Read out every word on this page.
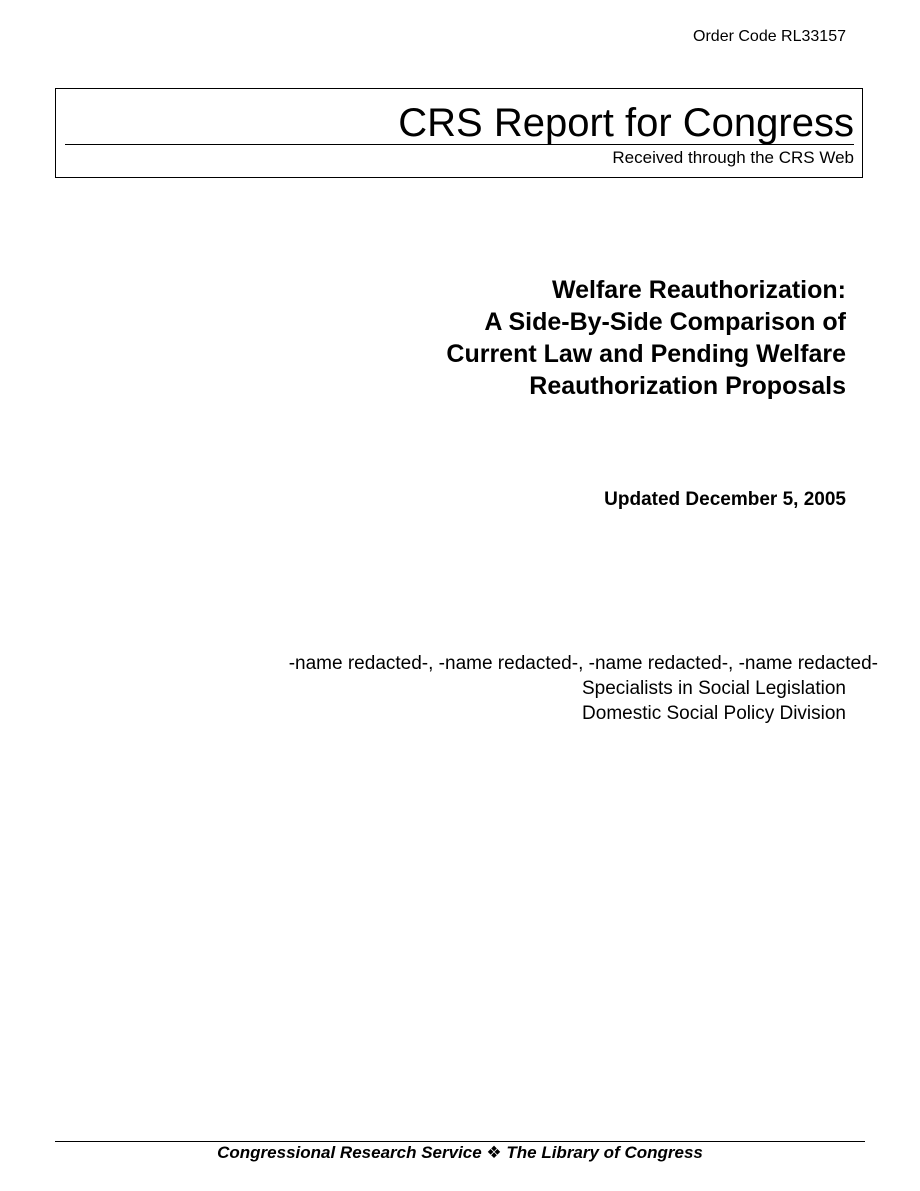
Order Code RL33157
CRS Report for Congress
Received through the CRS Web
Welfare Reauthorization:
A Side-By-Side Comparison of
Current Law and Pending Welfare
Reauthorization Proposals
Updated December 5, 2005
-name redacted-, -name redacted-, -name redacted-, -name redacted-
Specialists in Social Legislation
Domestic Social Policy Division
Congressional Research Service ❖ The Library of Congress
